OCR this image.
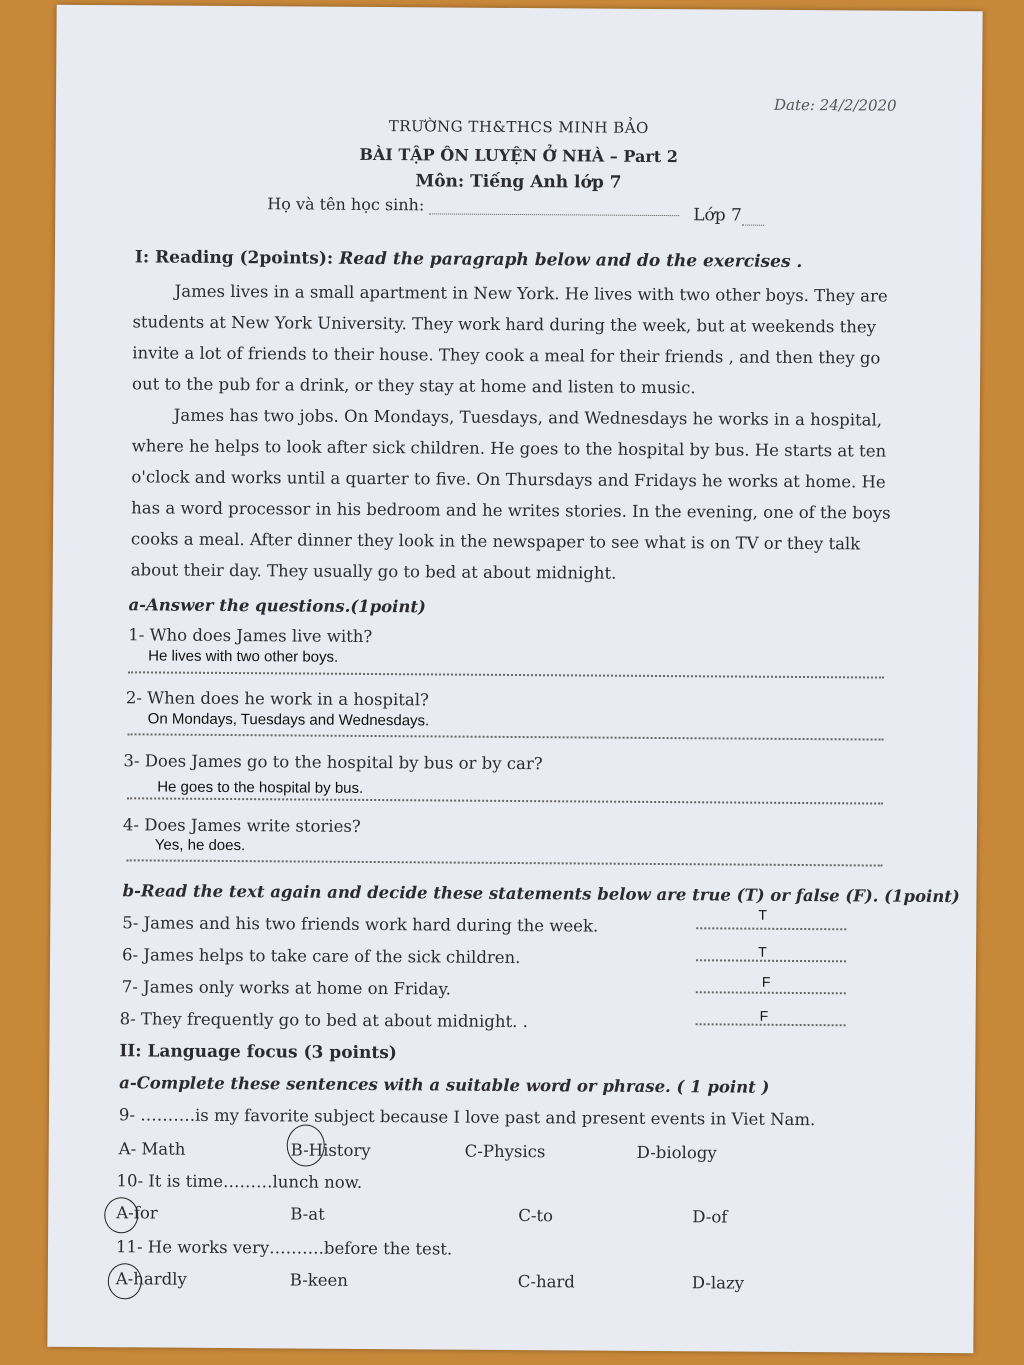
Date: 24/2/2020
TRƯỜNG TH&THCS MINH BẢO
BÀI TẬP ÔN LUYỆN Ở NHÀ – Part 2
Môn: Tiếng Anh lớp 7
Họ và tên học sinh:
Lớp 7
I: Reading (2points): Read the paragraph below and do the exercises .

James lives in a small apartment in New York. He lives with two other boys. They are students at New York University. They work hard during the week, but at weekends they invite a lot of friends to their house. They cook a meal for their friends , and then they go out to the pub for a drink, or they stay at home and listen to music.

James has two jobs. On Mondays, Tuesdays, and Wednesdays he works in a hospital, where he helps to look after sick children. He goes to the hospital by bus. He starts at ten o'clock and works until a quarter to five. On Thursdays and Fridays he works at home. He has a word processor in his bedroom and he writes stories. In the evening, one of the boys cooks a meal. After dinner they look in the newspaper to see what is on TV or they talk about their day. They usually go to bed at about midnight.

a-Answer the questions.(1point)
1- Who does James live with?
He lives with two other boys.
2- When does he work in a hospital?
On Mondays, Tuesdays and Wednesdays.
3- Does James go to the hospital by bus or by car?
He goes to the hospital by bus.
4- Does James write stories?
Yes, he does.
b-Read the text again and decide these statements below are true (T) or false (F). (1point)
5- James and his two friends work hard during the week.	T
6- James helps to take care of the sick children.	T
7- James only works at home on Friday.	F
8- They frequently go to bed at about midnight. .	F
II: Language focus (3 points)
a-Complete these sentences with a suitable word or phrase. ( 1 point )
9- ……….is my favorite subject because I love past and present events in Viet Nam.
A- Math	B-History	C-Physics	D-biology
10- It is time………lunch now.
A-for	B-at	C-to	D-of
11- He works very……….before the test.
A-hardly	B-keen	C-hard	D-lazy
